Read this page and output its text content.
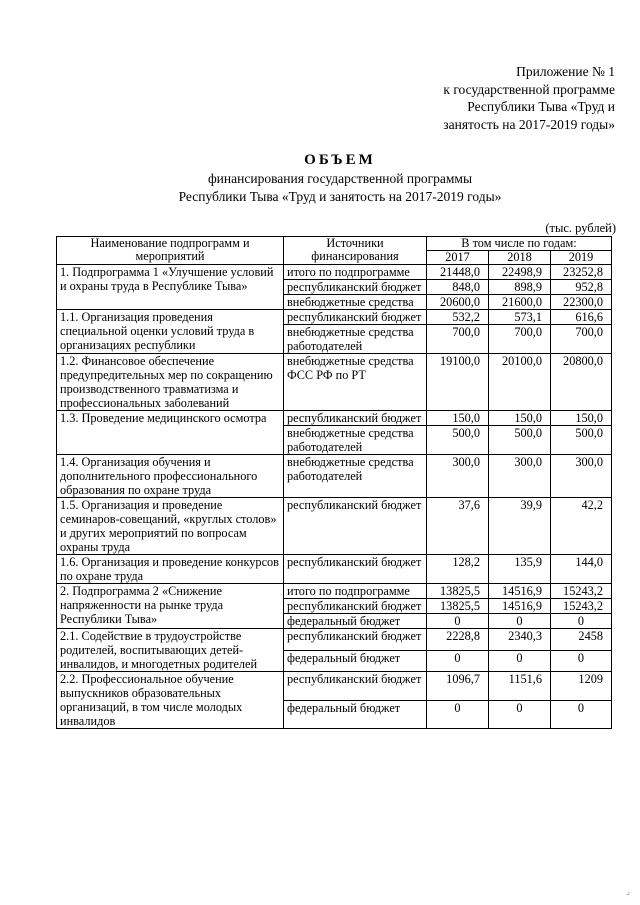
Приложение № 1
к государственной программе
Республики Тыва «Труд и
занятость на 2017-2019 годы»
ОБЪЕМ
финансирования государственной программы
Республики Тыва «Труд и занятость на 2017-2019 годы»
(тыс. рублей)
Наименование подпрограмм и мероприятий	Источники финансирования	В том числе по годам:		
		2017	2018	2019
1. Подпрограмма 1 «Улучшение условий и охраны труда в Республике Тыва»	итого по подпрограмме	21448,0	22498,9	23252,8
	республиканский бюджет	848,0	898,9	952,8
	внебюджетные средства	20600,0	21600,0	22300,0
1.1. Организация проведения специальной оценки условий труда в организациях республики	республиканский бюджет	532,2	573,1	616,6
	внебюджетные средства работодателей	700,0	700,0	700,0
1.2. Финансовое обеспечение предупредительных мер по сокращению производственного травматизма и профессиональных заболеваний	внебюджетные средства ФСС РФ по РТ	19100,0	20100,0	20800,0
1.3. Проведение медицинского осмотра	республиканский бюджет	150,0	150,0	150,0
	внебюджетные средства работодателей	500,0	500,0	500,0
1.4. Организация обучения и дополнительного профессионального образования по охране труда	внебюджетные средства работодателей	300,0	300,0	300,0
1.5. Организация и проведение семинаров-совещаний, «круглых столов» и других мероприятий по вопросам охраны труда	республиканский бюджет	37,6	39,9	42,2
1.6. Организация и проведение конкурсов по охране труда	республиканский бюджет	128,2	135,9	144,0
2. Подпрограмма 2 «Снижение напряженности на рынке труда Республики Тыва»	итого по подпрограмме	13825,5	14516,9	15243,2
	республиканский бюджет	13825,5	14516,9	15243,2
	федеральный бюджет	0	0	0
2.1. Содействие в трудоустройстве родителей, воспитывающих детей-инвалидов, и многодетных родителей	республиканский бюджет	2228,8	2340,3	2458
	федеральный бюджет	0	0	0
2.2. Профессиональное обучение выпускников образовательных организаций, в том числе молодых инвалидов	республиканский бюджет	1096,7	1151,6	1209
	федеральный бюджет	0	0	0
⌟
